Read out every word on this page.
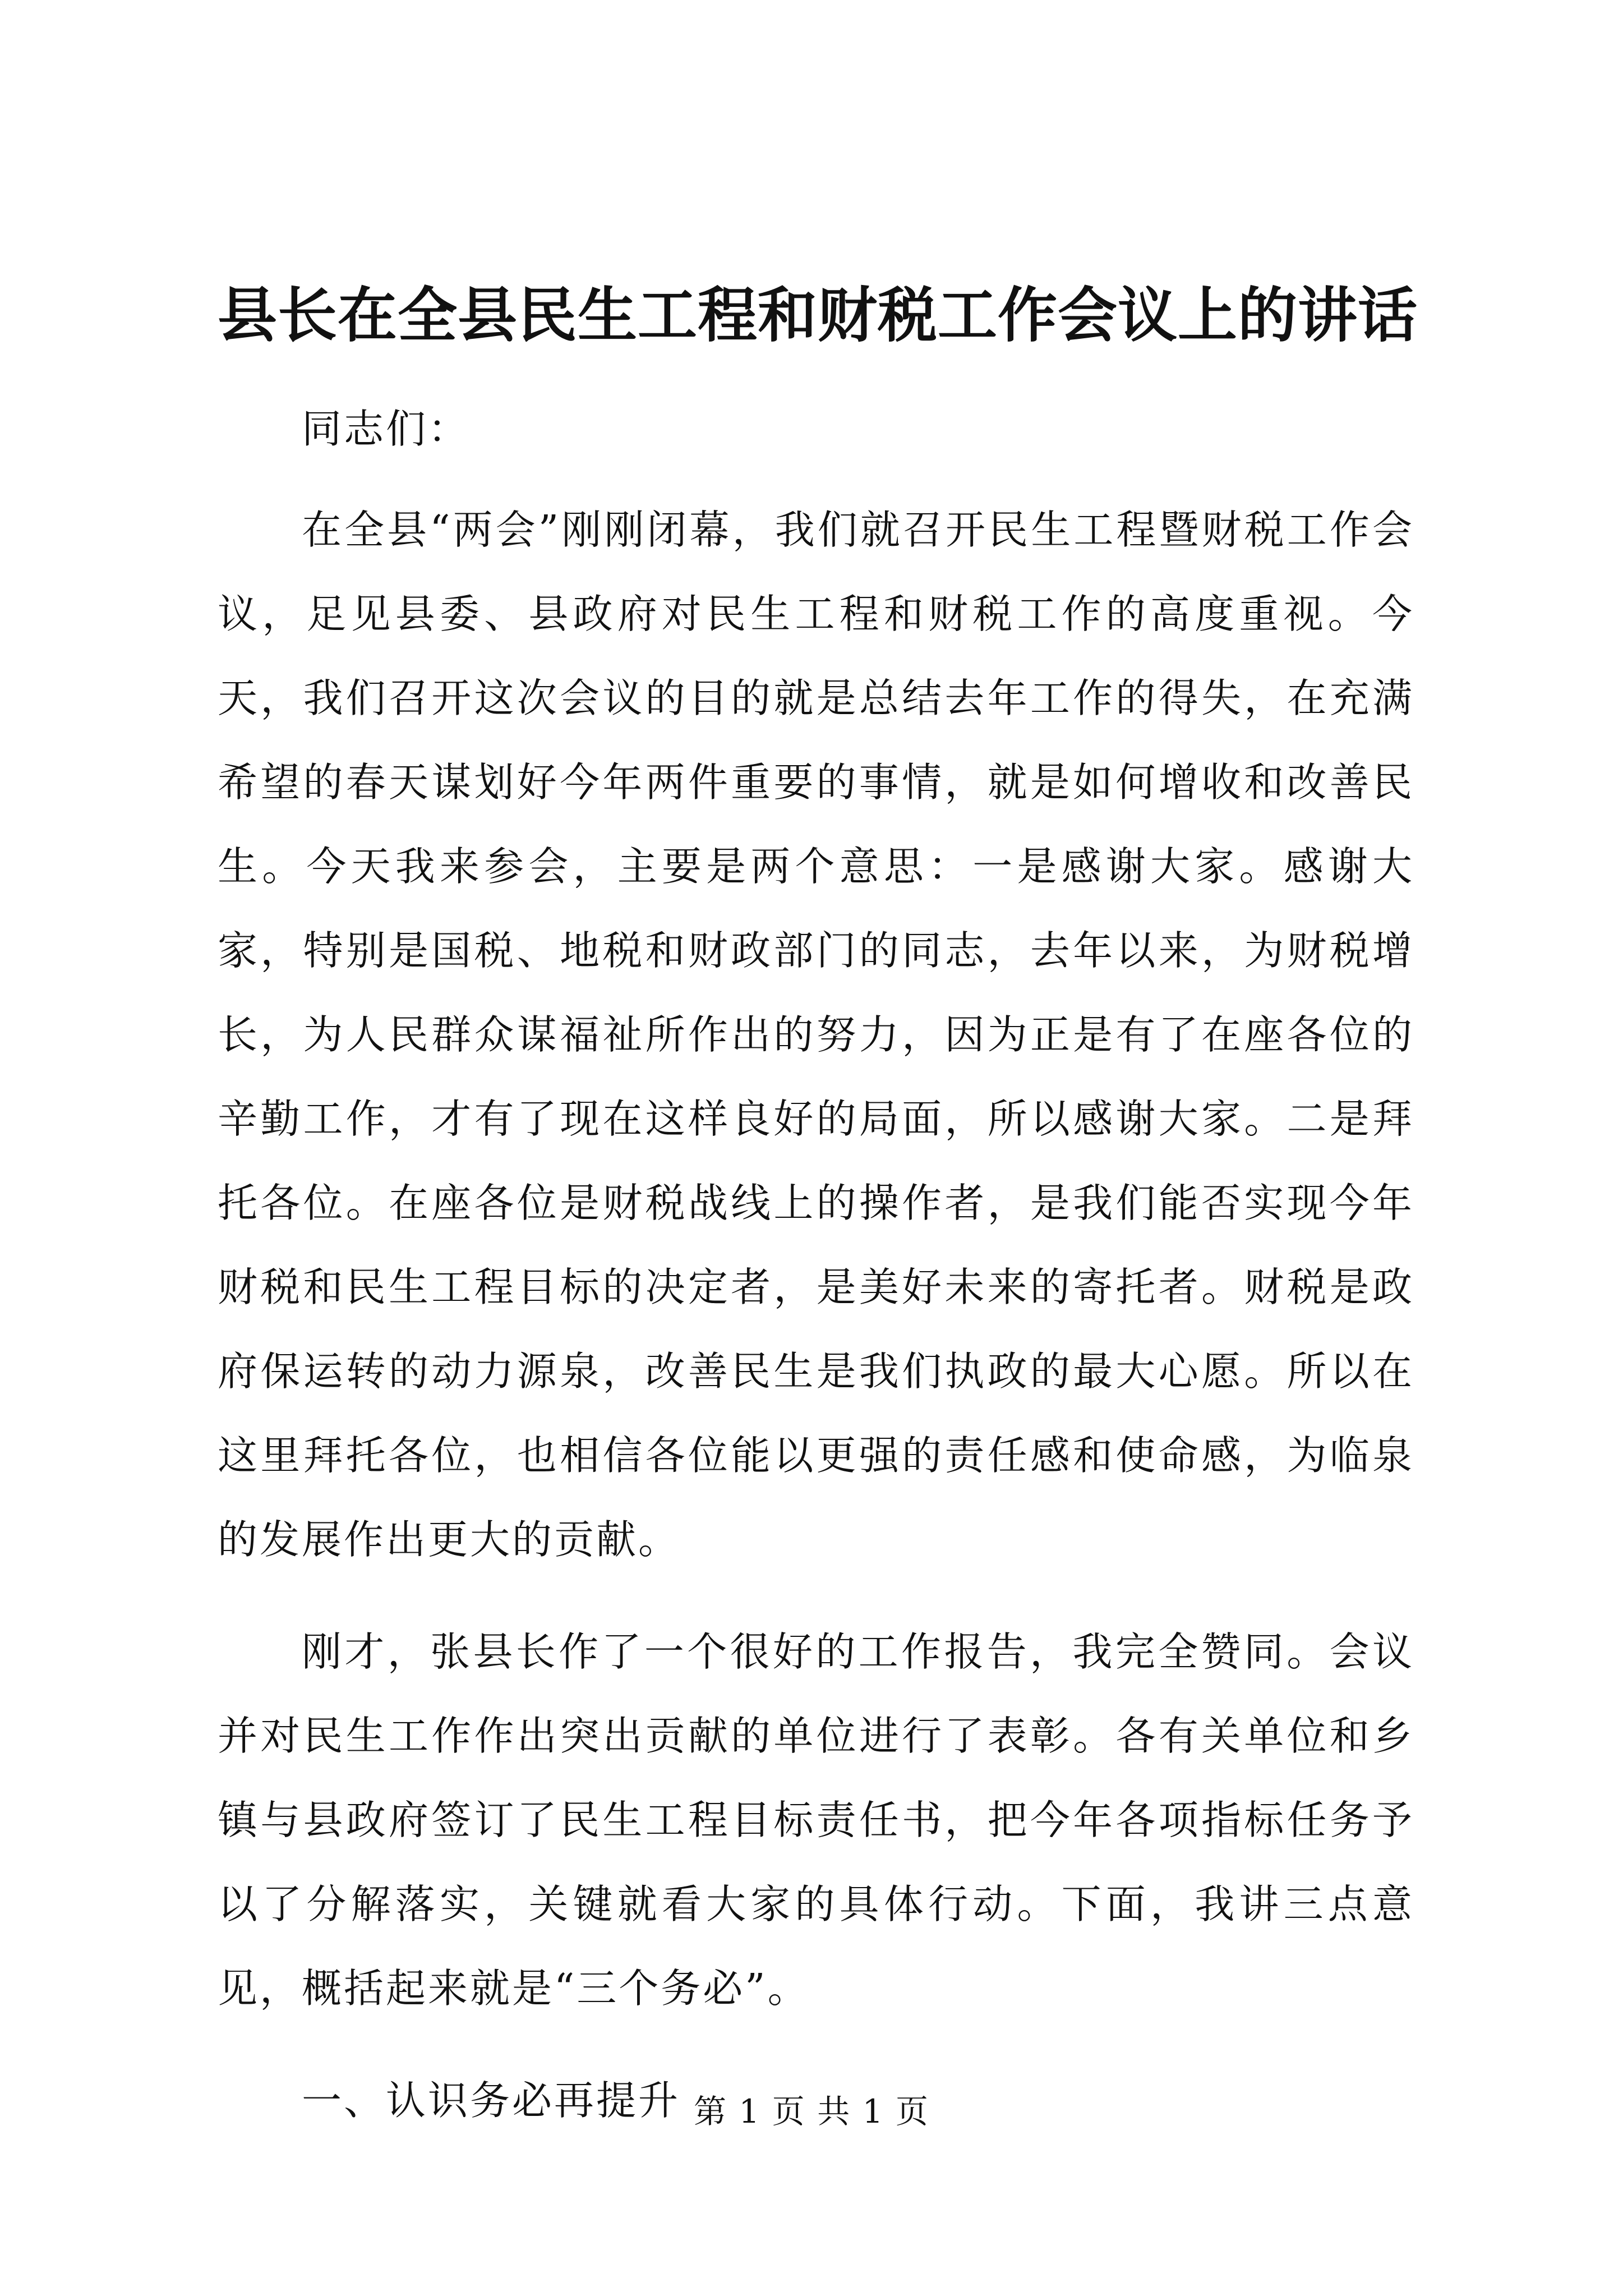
县长在全县民生工程和财税工作会议上的讲话

同志们：

在全县“两会”刚刚闭幕，我们就召开民生工程暨财税工作会议，足见县委、县政府对民生工程和财税工作的高度重视。今天，我们召开这次会议的目的就是总结去年工作的得失，在充满希望的春天谋划好今年两件重要的事情，就是如何增收和改善民生。今天我来参会，主要是两个意思：一是感谢大家。感谢大家，特别是国税、地税和财政部门的同志，去年以来，为财税增长，为人民群众谋福祉所作出的努力，因为正是有了在座各位的辛勤工作，才有了现在这样良好的局面，所以感谢大家。二是拜托各位。在座各位是财税战线上的操作者，是我们能否实现今年财税和民生工程目标的决定者，是美好未来的寄托者。财税是政府保运转的动力源泉，改善民生是我们执政的最大心愿。所以在这里拜托各位，也相信各位能以更强的责任感和使命感，为临泉的发展作出更大的贡献。

刚才，张县长作了一个很好的工作报告，我完全赞同。会议并对民生工作作出突出贡献的单位进行了表彰。各有关单位和乡镇与县政府签订了民生工程目标责任书，把今年各项指标任务予以了分解落实，关键就看大家的具体行动。下面，我讲三点意见，概括起来就是“三个务必”。

一、认识务必再提升 第 1 页 共 1 页
